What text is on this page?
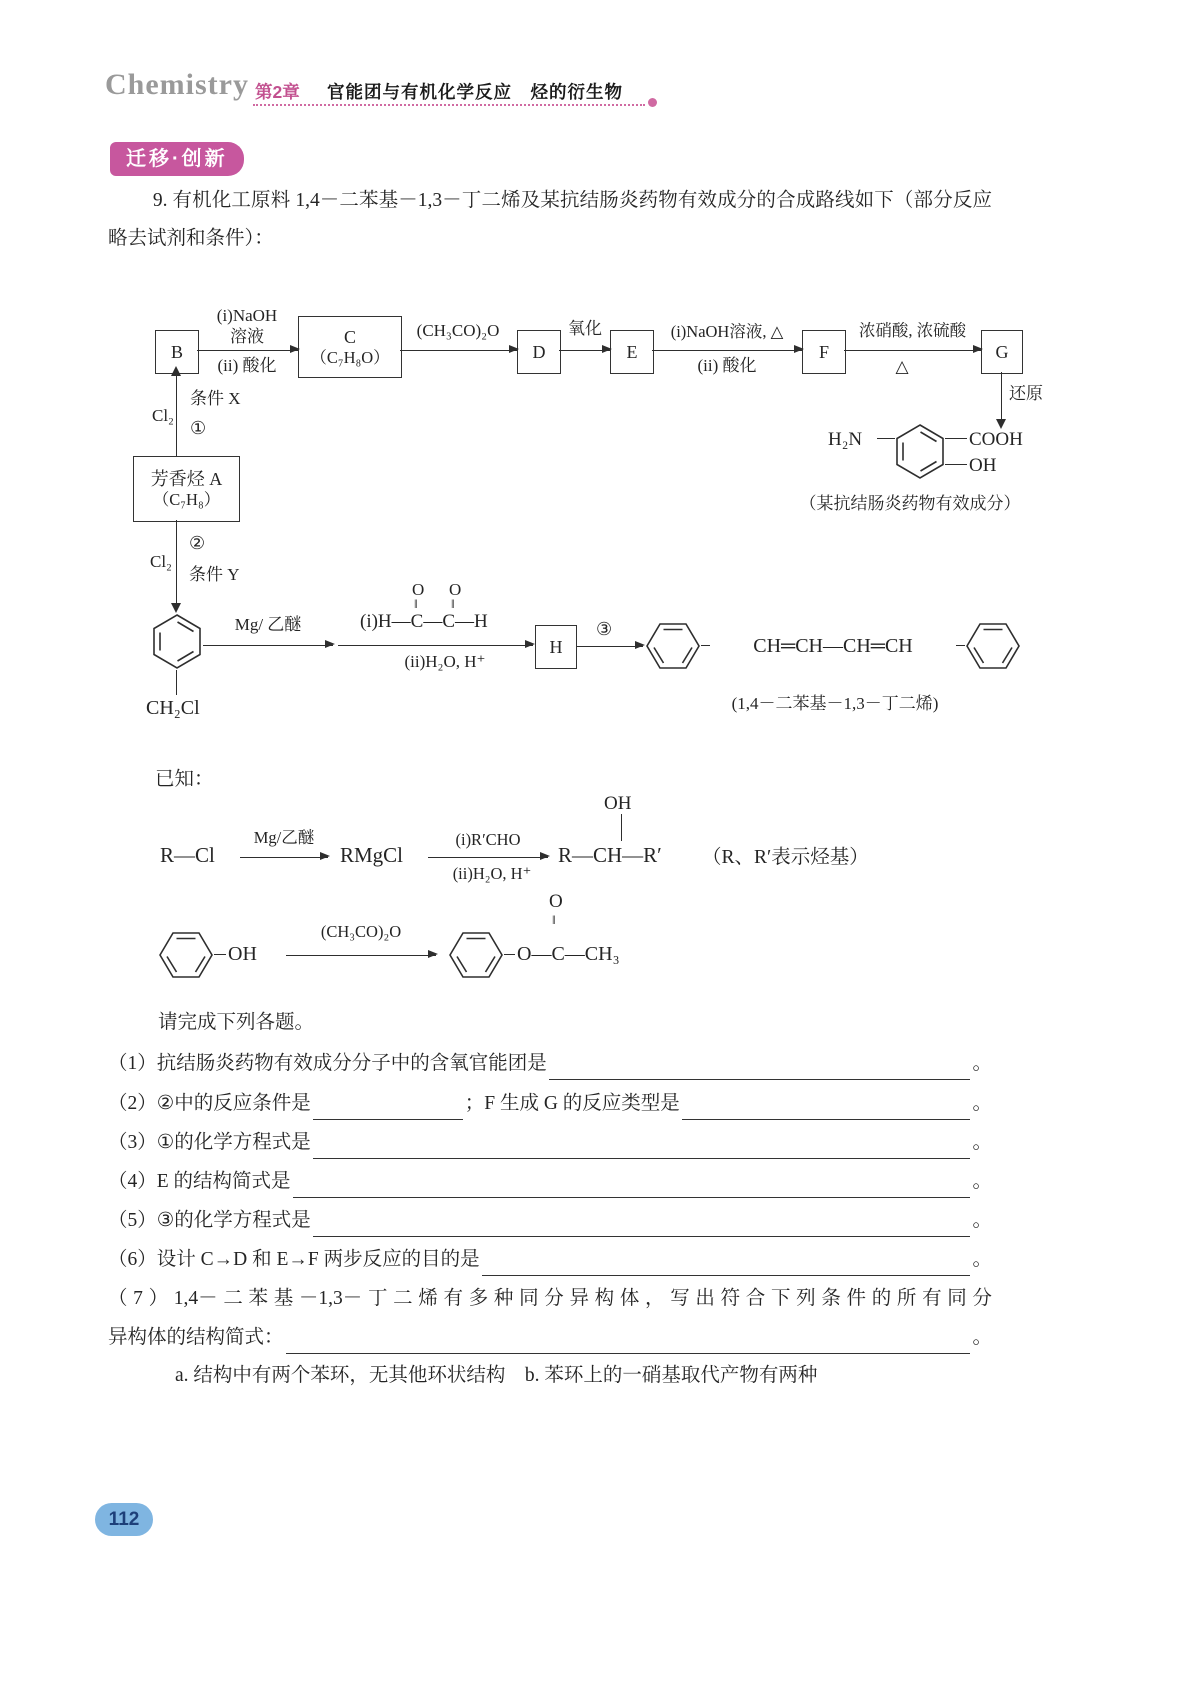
Chemistry 第2章 官能团与有机化学反应　烃的衍生物
迁移·创新

9. 有机化工原料 1,4－二苯基－1,3－丁二烯及某抗结肠炎药物有效成分的合成路线如下（部分反应略去试剂和条件）：

B
C
（C₇H₈O）	D	E	F	G
(i)NaOH
溶液
(ii) 酸化
(CH₃CO)₂O	氧化	(i)NaOH溶液, △
(ii) 酸化
浓硝酸, 浓硫酸
△
还原
H₂N	COOH
OH
（某抗结肠炎药物有效成分）
Cl₂
条件 X
①
芳香烃 A
（C₇H₈）
②
Cl₂
条件 Y
CH₂Cl
Mg/ 乙醚
O O
‖	‖
(i)H—C—C—H
(ii)H₂O, H⁺
H
③
CH═CH—CH═CH
(1,4－二苯基－1,3－丁二烯)
已知：
R—Cl
Mg/乙醚
RMgCl
(i)R′CHO
(ii)H₂O, H⁺
R—CH—R′
OH
（R、R′表示烃基）
OH
(CH₃CO)₂O
O—C—CH₃
O
‖
请完成下列各题。
（1）抗结肠炎药物有效成分分子中的含氧官能团是	。
（2）②中的反应条件是	；F 生成 G 的反应类型是	。
（3）①的化学方程式是	。
（4）E 的结构简式是	。
（5）③的化学方程式是	。
（6）设计 C→D 和 E→F 两步反应的目的是	。
（7）1,4－二苯基－1,3－丁二烯有多种同分异构体，写出符合下列条件的所有同分
异构体的结构简式：	。
a. 结构中有两个苯环，无其他环状结构　b. 苯环上的一硝基取代产物有两种
112
